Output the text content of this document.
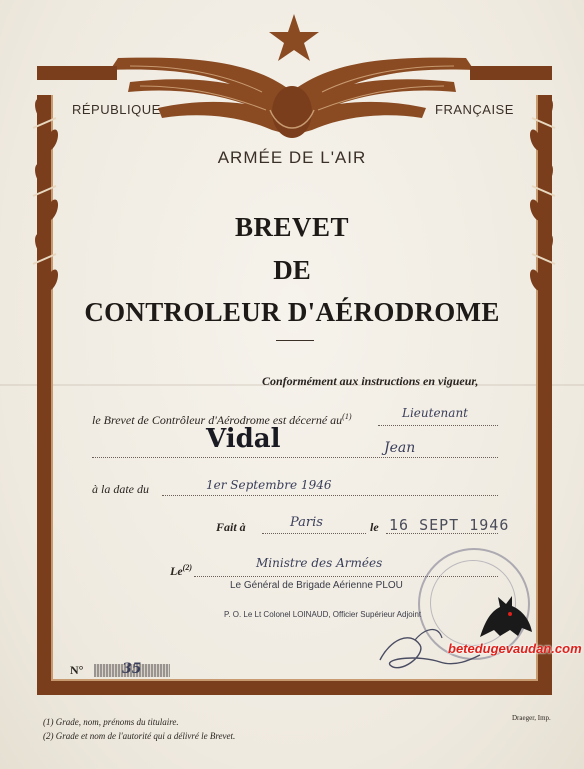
RÉPUBLIQUE	FRANÇAISE
ARMÉE DE L'AIR
BREVET
DE
CONTROLEUR D'AÉRODROME
Conformément aux instructions en vigueur,
le Brevet de Contrôleur d'Aérodrome est décerné $au^{(1)}$	Lieutenant
Vidal	Jean
à la date du	1er Septembre 1946
Fait à	Paris	le 16 SEPT 1946
Le$^{(2)}$	Ministre des Armées
Le Général de Brigade Aérienne PLOU
P. O. Le Lt Colonel LOINAUD, Officier Supérieur Adjoint
N°	35
betedugevaudan.com
(1) Grade, nom, prénoms du titulaire.
(2) Grade et nom de l'autorité qui a délivré le Brevet.
Draeger, Imp.
